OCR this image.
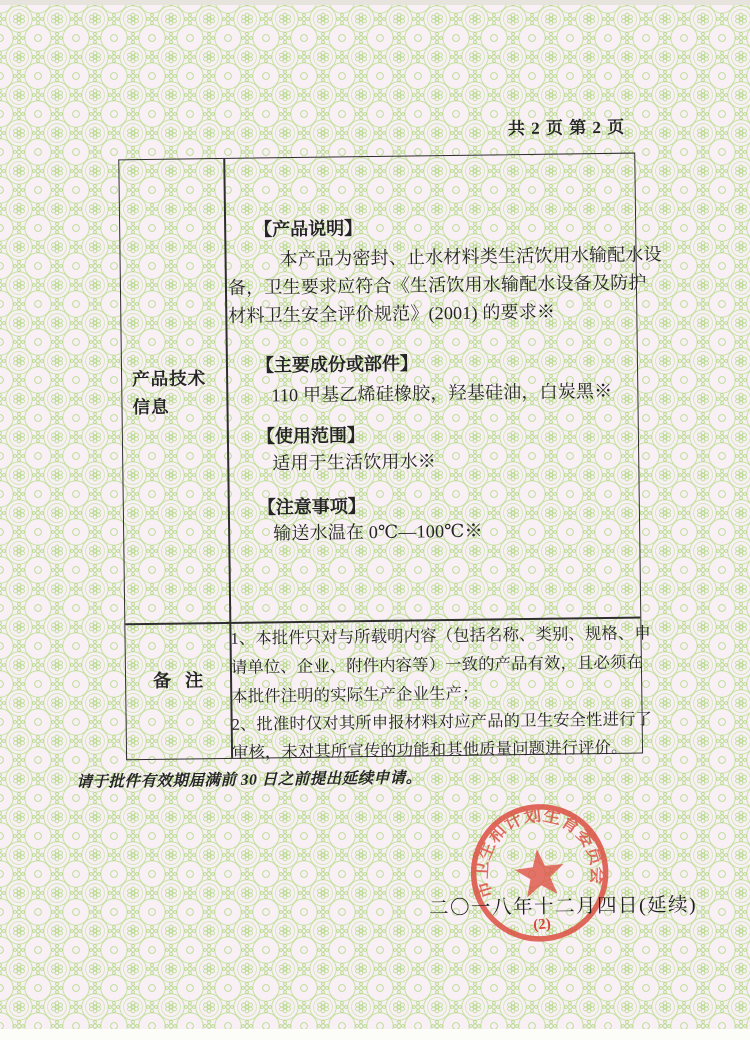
共 2 页 第 2 页
产品技术
信息
【产品说明】
本产品为密封、止水材料类生活饮用水输配水设
备，卫生要求应符合《生活饮用水输配水设备及防护
材料卫生安全评价规范》(2001) 的要求※
【主要成份或部件】
110 甲基乙烯硅橡胶，羟基硅油，白炭黑※
【使用范围】
适用于生活饮用水※
【注意事项】
输送水温在 0℃—100℃※
备注
1、本批件只对与所载明内容（包括名称、类别、规格、申
请单位、企业、附件内容等）一致的产品有效，且必须在
本批件注明的实际生产企业生产；
2、批准时仅对其所申报材料对应产品的卫生安全性进行了
审核，未对其所宣传的功能和其他质量问题进行评价。
请于批件有效期届满前 30 日之前提出延续申请。
市卫生和计划生育委员会
(2)
二〇一八年十二月四日(延续)
